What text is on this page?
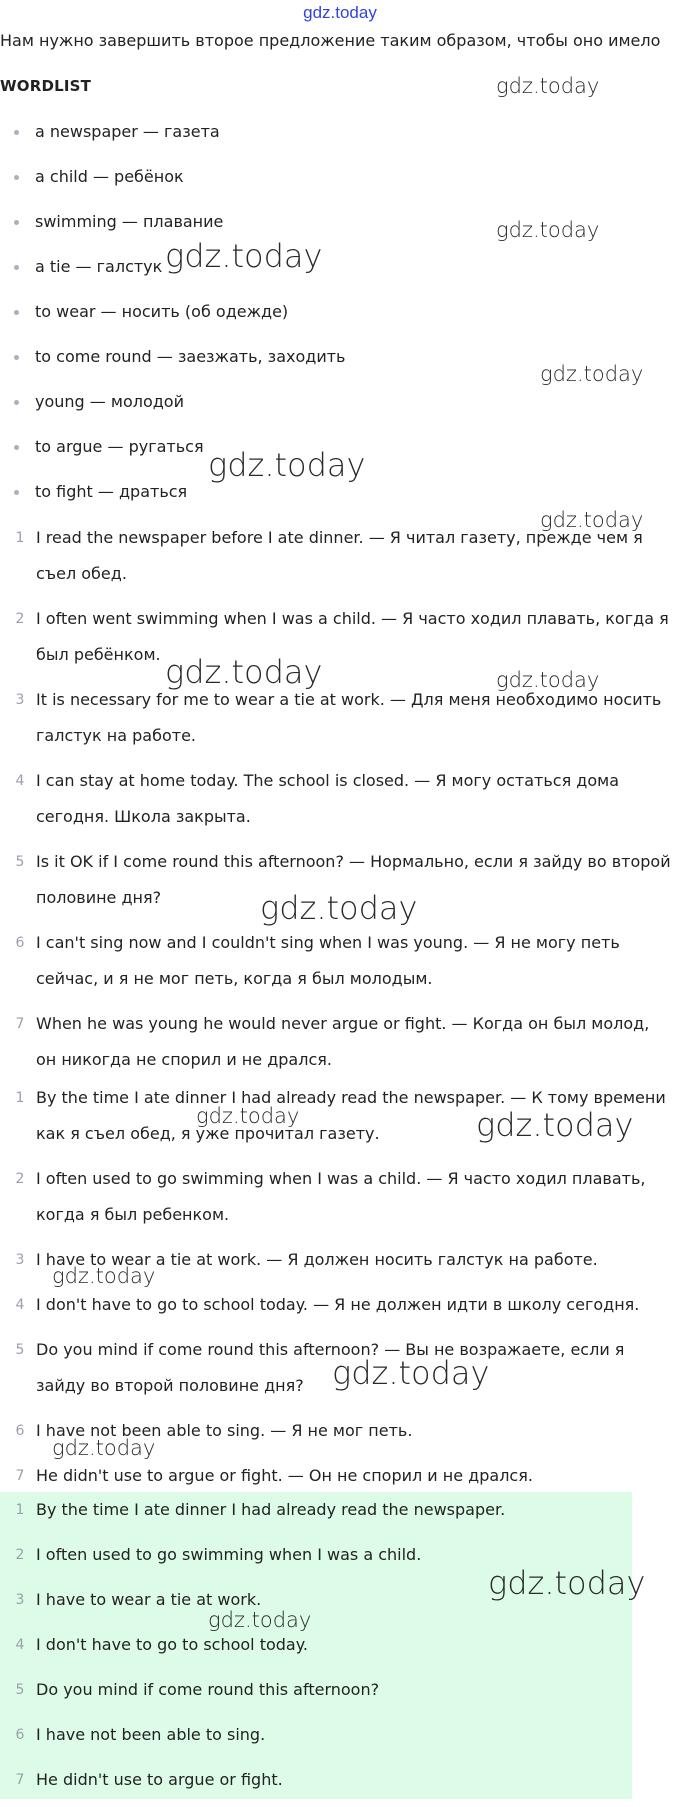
gdz.today
Нам нужно завершить второе предложение таким образом, чтобы оно имело
WORDLIST
a newspaper — газета
a child — ребёнок
swimming — плавание
a tie — галстук
to wear — носить (об одежде)
to come round — заезжать, заходить
young — молодой
to argue — ругаться
to fight — драться
1 I read the newspaper before I ate dinner. — Я читал газету, прежде чем я съел обед.
2 I often went swimming when I was a child. — Я часто ходил плавать, когда я был ребёнком.
3 It is necessary for me to wear a tie at work. — Для меня необходимо носить галстук на работе.
4 I can stay at home today. The school is closed. — Я могу остаться дома сегодня. Школа закрыта.
5 Is it OK if I come round this afternoon? — Нормально, если я зайду во второй половине дня?
6 I can't sing now and I couldn't sing when I was young. — Я не могу петь сейчас, и я не мог петь, когда я был молодым.
7 When he was young he would never argue or fight. — Когда он был молод, он никогда не спорил и не дрался.
1 By the time I ate dinner I had already read the newspaper. — К тому времени как я съел обед, я уже прочитал газету.
2 I often used to go swimming when I was a child. — Я часто ходил плавать, когда я был ребенком.
3 I have to wear a tie at work. — Я должен носить галстук на работе.
4 I don't have to go to school today. — Я не должен идти в школу сегодня.
5 Do you mind if come round this afternoon? — Вы не возражаете, если я зайду во второй половине дня?
6 I have not been able to sing. — Я не мог петь.
7 He didn't use to argue or fight. — Он не спорил и не дрался.
1 By the time I ate dinner I had already read the newspaper.
2 I often used to go swimming when I was a child.
3 I have to wear a tie at work.
4 I don't have to go to school today.
5 Do you mind if come round this afternoon?
6 I have not been able to sing.
7 He didn't use to argue or fight.
gdz.today
gdz.today
gdz.today
gdz.today
gdz.today
gdz.today
gdz.today	gdz.today
gdz.today
gdz.today	gdz.today
gdz.today
gdz.today
gdz.today
gdz.today
gdz.today
